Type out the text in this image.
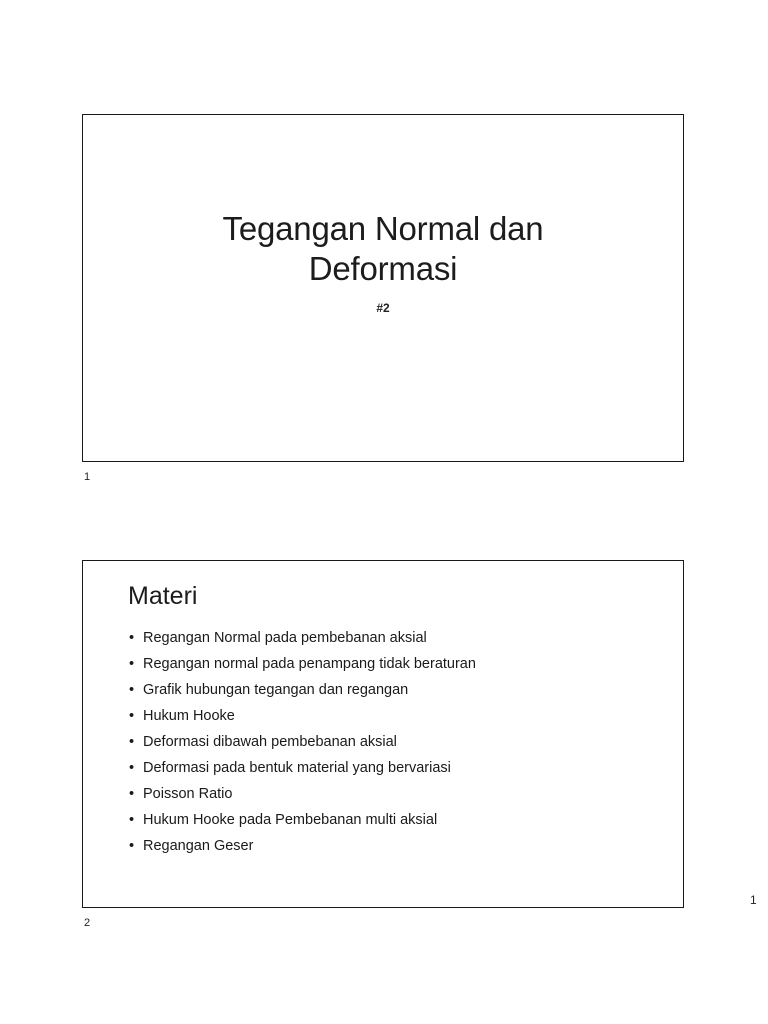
Tegangan Normal dan
Deformasi
#2
1
Materi
• Regangan Normal pada pembebanan aksial
• Regangan normal pada penampang tidak beraturan
• Grafik hubungan tegangan dan regangan
• Hukum Hooke
• Deformasi dibawah pembebanan aksial
• Deformasi pada bentuk material yang bervariasi
• Poisson Ratio
• Hukum Hooke pada Pembebanan multi aksial
• Regangan Geser
2
1
